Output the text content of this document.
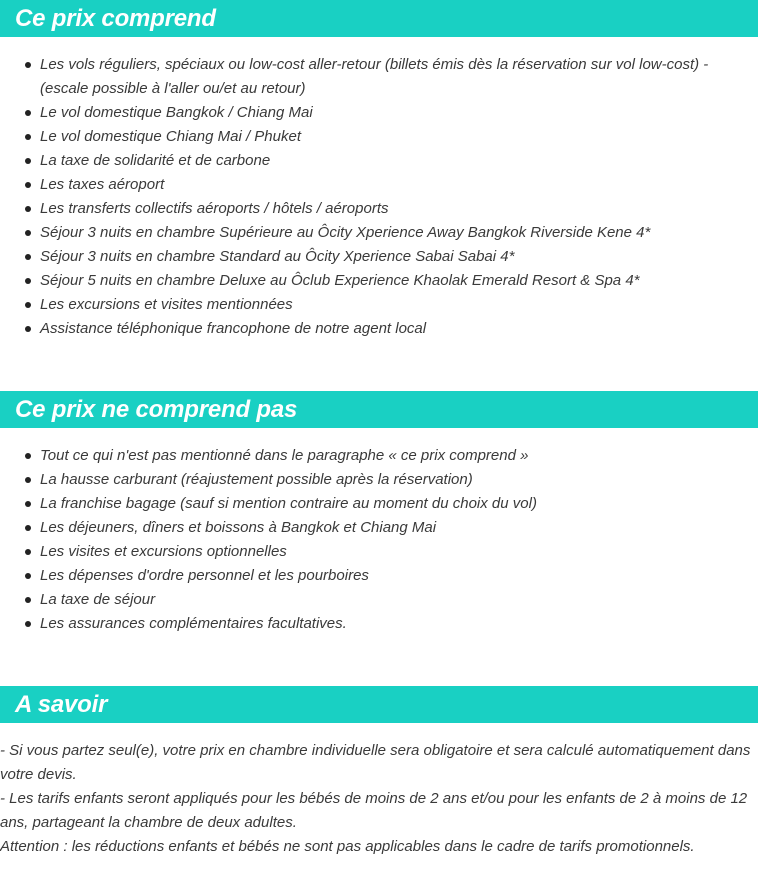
Ce prix comprend
Les vols réguliers, spéciaux ou low-cost aller-retour (billets émis dès la réservation sur vol low-cost) - (escale possible à l'aller ou/et au retour)
Le vol domestique Bangkok / Chiang Mai
Le vol domestique Chiang Mai / Phuket
La taxe de solidarité et de carbone
Les taxes aéroport
Les transferts collectifs aéroports / hôtels / aéroports
Séjour 3 nuits en chambre Supérieure au Ôcity Xperience Away Bangkok Riverside Kene 4*
Séjour 3 nuits en chambre Standard au Ôcity Xperience Sabai Sabai 4*
Séjour 5 nuits en chambre Deluxe au Ôclub Experience Khaolak Emerald Resort & Spa 4*
Les excursions et visites mentionnées
Assistance téléphonique francophone de notre agent local
Ce prix ne comprend pas
Tout ce qui n'est pas mentionné dans le paragraphe « ce prix comprend »
La hausse carburant (réajustement possible après la réservation)
La franchise bagage (sauf si mention contraire au moment du choix du vol)
Les déjeuners, dîners et boissons à Bangkok et Chiang Mai
Les visites et excursions optionnelles
Les dépenses d'ordre personnel et les pourboires
La taxe de séjour
Les assurances complémentaires facultatives.
A savoir

- Si vous partez seul(e), votre prix en chambre individuelle sera obligatoire et sera calculé automatiquement dans votre devis.

- Les tarifs enfants seront appliqués pour les bébés de moins de 2 ans et/ou pour les enfants de 2 à moins de 12 ans, partageant la chambre de deux adultes.

Attention : les réductions enfants et bébés ne sont pas applicables dans le cadre de tarifs promotionnels.
